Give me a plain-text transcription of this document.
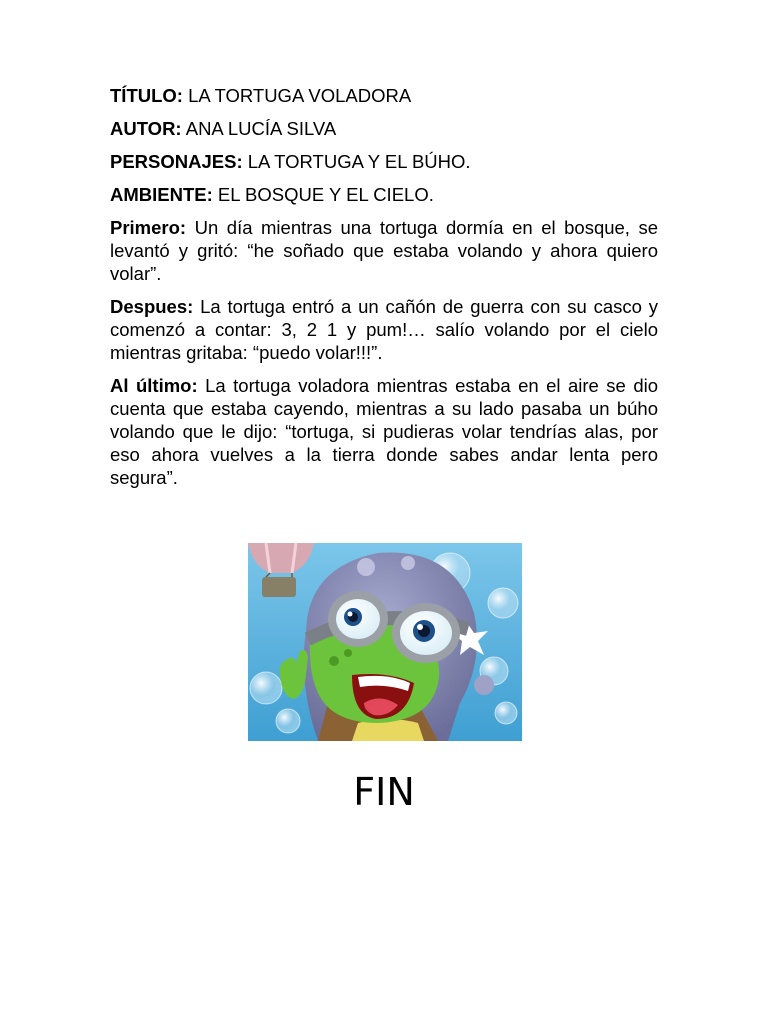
TÍTULO: LA TORTUGA VOLADORA

AUTOR: ANA LUCÍA SILVA

PERSONAJES: LA TORTUGA Y EL BÚHO.

AMBIENTE: EL BOSQUE Y EL CIELO.

Primero: Un día mientras una tortuga dormía en el bosque, se levantó y gritó: “he soñado que estaba volando y ahora quiero volar”.

Despues: La tortuga entró a un cañón de guerra con su casco y comenzó a contar: 3, 2 1 y pum!… salío volando por el cielo mientras gritaba: “puedo volar!!!”.

Al último: La tortuga voladora mientras estaba en el aire se dio cuenta que estaba cayendo, mientras a su lado pasaba un búho volando que le dijo: “tortuga, si pudieras volar tendrías alas, por eso ahora vuelves a la tierra donde sabes andar lenta pero segura”.

FIN
